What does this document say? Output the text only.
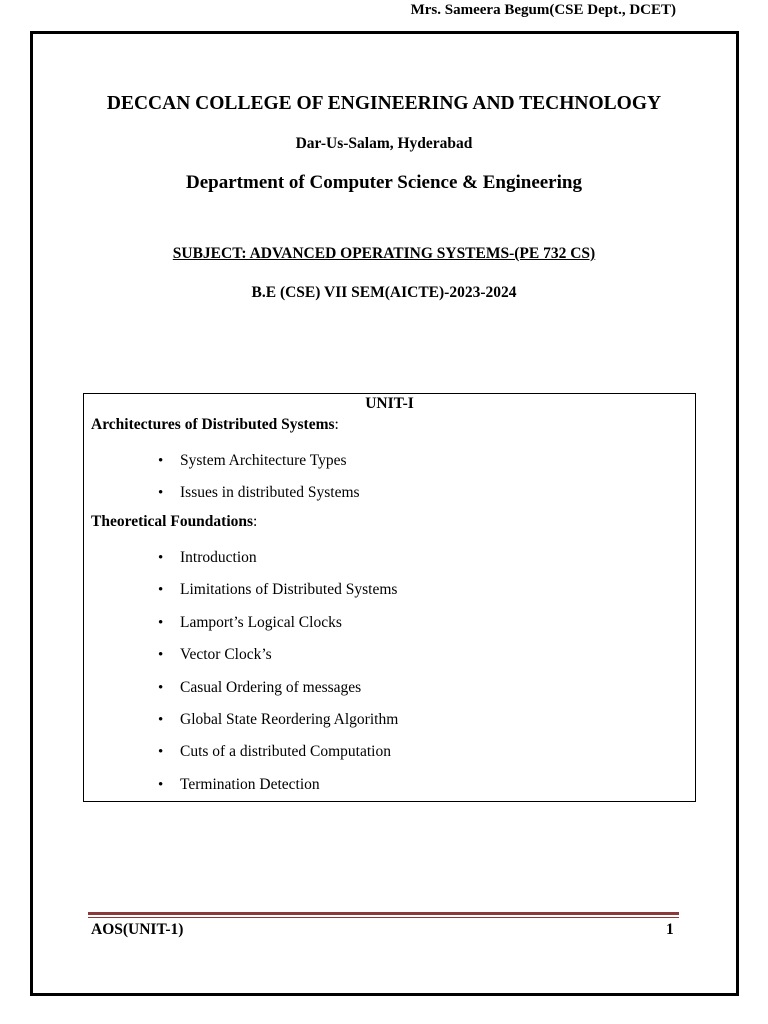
Mrs. Sameera Begum(CSE Dept., DCET)
DECCAN COLLEGE OF ENGINEERING AND TECHNOLOGY
Dar-Us-Salam, Hyderabad
Department of Computer Science & Engineering
SUBJECT: ADVANCED OPERATING SYSTEMS-(PE 732 CS)
B.E (CSE) VII SEM(AICTE)-2023-2024
UNIT-I
Architectures of Distributed Systems:
• System Architecture Types
• Issues in distributed Systems
Theoretical Foundations:
• Introduction
• Limitations of Distributed Systems
• Lamport’s Logical Clocks
• Vector Clock’s
• Casual Ordering of messages
• Global State Reordering Algorithm
• Cuts of a distributed Computation
• Termination Detection
AOS(UNIT-1)	1
